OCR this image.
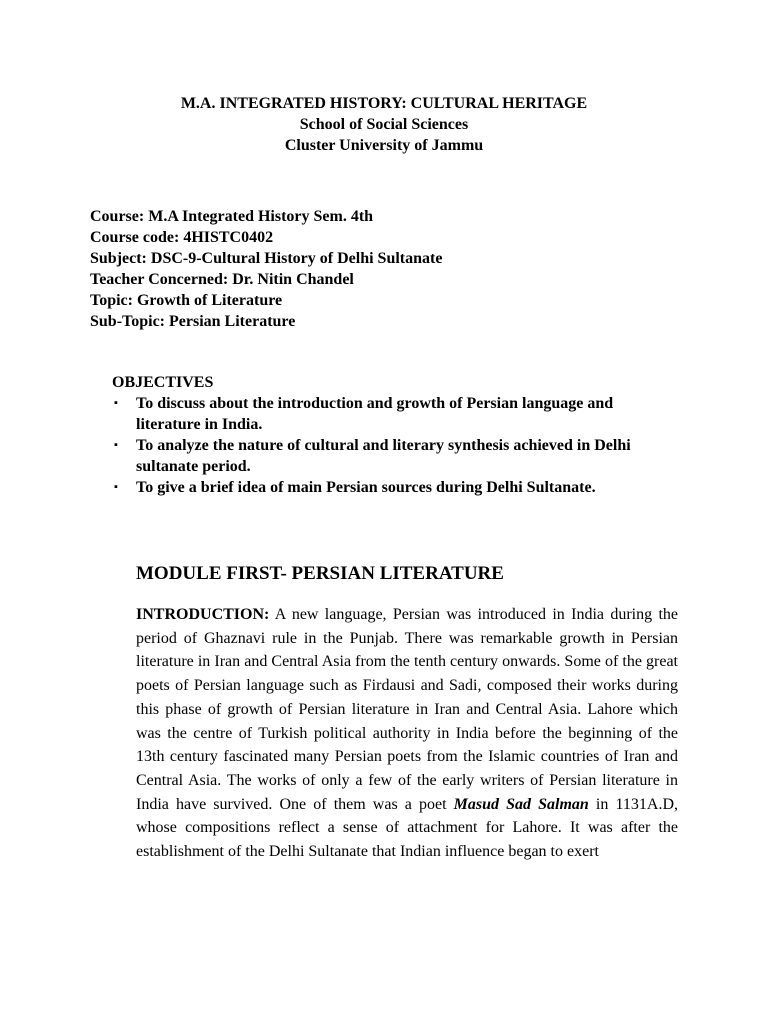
M.A. INTEGRATED HISTORY: CULTURAL HERITAGE
School of Social Sciences
Cluster University of Jammu
Course: M.A Integrated History Sem. 4th
Course code: 4HISTC0402
Subject: DSC-9-Cultural History of Delhi Sultanate
Teacher Concerned: Dr. Nitin Chandel
Topic: Growth of Literature
Sub-Topic: Persian Literature
OBJECTIVES
▪ To discuss about the introduction and growth of Persian language and literature in India.
▪ To analyze the nature of cultural and literary synthesis achieved in Delhi sultanate period.
▪ To give a brief idea of main Persian sources during Delhi Sultanate.
MODULE FIRST- PERSIAN LITERATURE

INTRODUCTION: A new language, Persian was introduced in India during the period of Ghaznavi rule in the Punjab. There was remarkable growth in Persian literature in Iran and Central Asia from the tenth century onwards. Some of the great poets of Persian language such as Firdausi and Sadi, composed their works during this phase of growth of Persian literature in Iran and Central Asia. Lahore which was the centre of Turkish political authority in India before the beginning of the 13th century fascinated many Persian poets from the Islamic countries of Iran and Central Asia. The works of only a few of the early writers of Persian literature in India have survived. One of them was a poet Masud Sad Salman in 1131A.D, whose compositions reflect a sense of attachment for Lahore. It was after the establishment of the Delhi Sultanate that Indian influence began to exert
